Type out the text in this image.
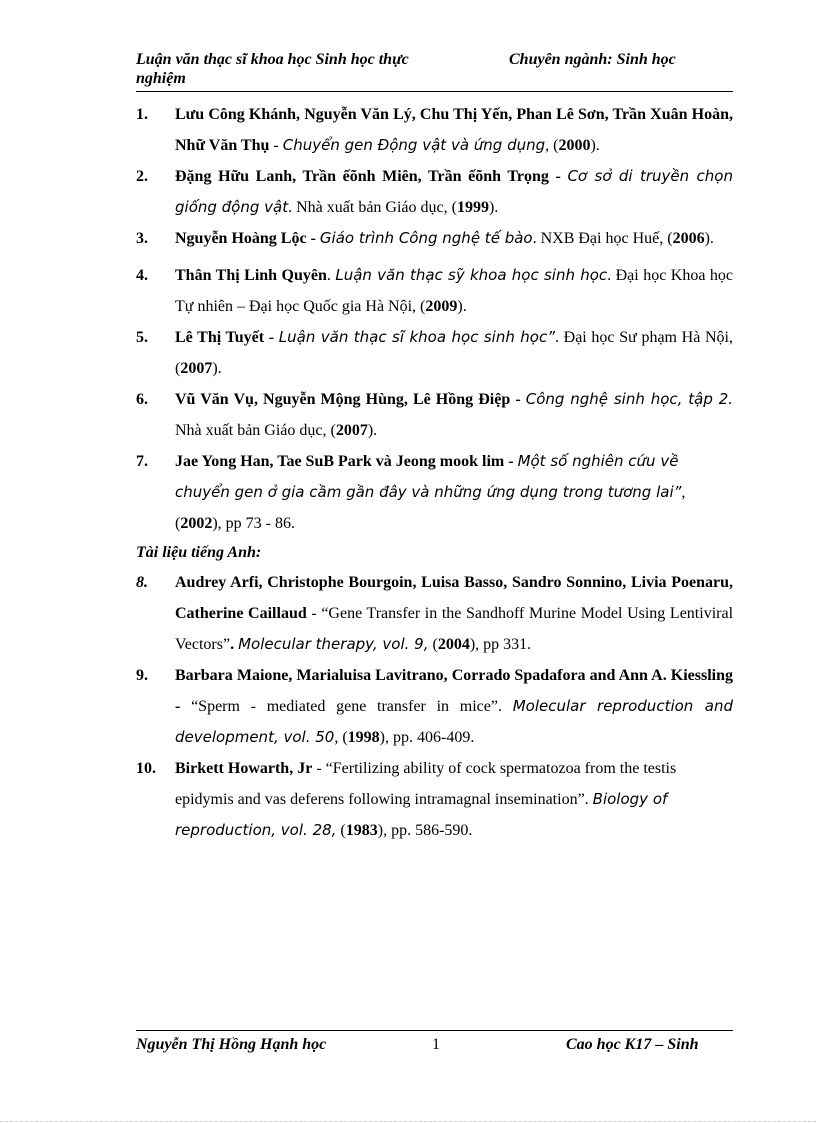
Luận văn thạc sĩ khoa học Sinh học thực nghiệm
Chuyên ngành: Sinh học

1. Lưu Công Khánh, Nguyễn Văn Lý, Chu Thị Yến, Phan Lê Sơn, Trần Xuân Hoàn, Nhữ Văn Thụ - Chuyển gen Động vật và ứng dụng, (2000).

2. Đặng Hữu Lanh, Trần ếõnh Miên, Trần ếõnh Trọng - Cơ sở di truyền chọn giống động vật. Nhà xuất bản Giáo dục, (1999).

3. Nguyễn Hoàng Lộc - Giáo trình Công nghệ tế bào. NXB Đại học Huế, (2006).

4. Thân Thị Linh Quyên. Luận văn thạc sỹ khoa học sinh học. Đại học Khoa học Tự nhiên – Đại học Quốc gia Hà Nội, (2009).

5. Lê Thị Tuyết - Luận văn thạc sĩ khoa học sinh học”. Đại học Sư phạm Hà Nội, (2007).

6. Vũ Văn Vụ, Nguyễn Mộng Hùng, Lê Hồng Điệp - Công nghệ sinh học, tập 2. Nhà xuất bản Giáo dục, (2007).

7. Jae Yong Han, Tae SuB Park và Jeong mook lim - Một số nghiên cứu về chuyển gen ở gia cầm gần đây và những ứng dụng trong tương lai”, (2002), pp 73 - 86.

Tài liệu tiếng Anh:

8. Audrey Arfi, Christophe Bourgoin, Luisa Basso, Sandro Sonnino, Livia Poenaru, Catherine Caillaud - “Gene Transfer in the Sandhoff Murine Model Using Lentiviral Vectors”. Molecular therapy, vol. 9, (2004), pp 331.

9. Barbara Maione, Marialuisa Lavitrano, Corrado Spadafora and Ann A. Kiessling - “Sperm - mediated gene transfer in mice”. Molecular reproduction and development, vol. 50, (1998), pp. 406-409.

10. Birkett Howarth, Jr - “Fertilizing ability of cock spermatozoa from the testis epidymis and vas deferens following intramagnal insemination”. Biology of reproduction, vol. 28, (1983), pp. 586-590.

Nguyễn Thị Hồng Hạnh học	1	Cao học K17 – Sinh
